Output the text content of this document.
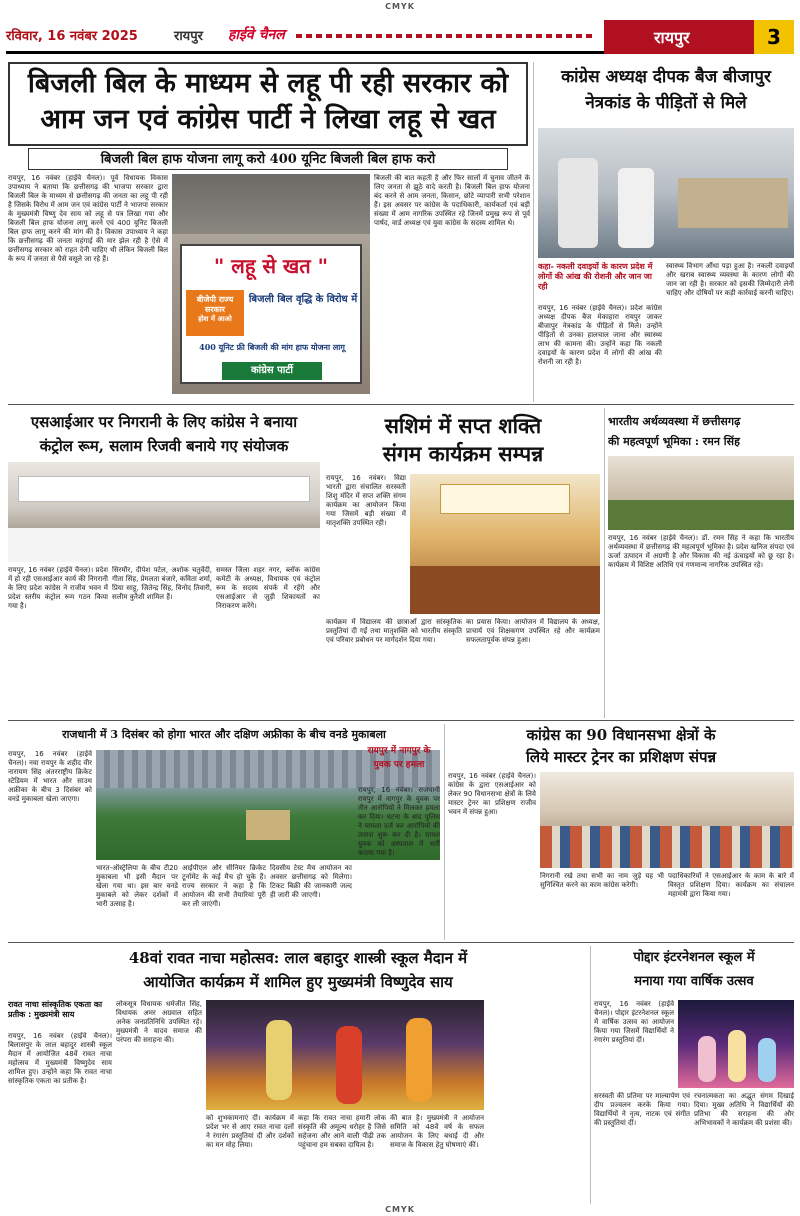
CMYK
CMYK
रविवार, 16 नवंबर 2025	रायपुर हाईवे चैनल	रायपुर	3
बिजली बिल के माध्यम से लहू पी रही सरकार को
आम जन एवं कांग्रेस पार्टी ने लिखा लहू से खत
बिजली बिल हाफ योजना लागू करो 400 यूनिट बिजली बिल हाफ करो
रायपुर, 16 नवंबर (हाईवे चैनल)। पूर्व विधायक विकास उपाध्याय ने बताया कि छत्तीसगढ़ की भाजपा सरकार द्वारा बिजली बिल के माध्यम से छत्तीसगढ़ की जनता का लहू पी रही है जिसके विरोध में आम जन एवं कांग्रेस पार्टी ने भाजपा सरकार के मुख्यमंत्री विष्णु देव साय को लहू से पत्र लिखा गया और बिजली बिल हाफ योजना लागू करने एवं 400 यूनिट बिजली बिल हाफ लागू करने की मांग की है। विकास उपाध्याय ने कहा कि छत्तीसगढ़ की जनता महंगाई की मार झेल रही है ऐसे में छत्तीसगढ़ सरकार को राहत देनी चाहिए थी लेकिन बिजली बिल के रूप में जनता से पैसे वसूले जा रहे हैं।	" लहू से खत "
बीजेपी राज्य सरकार
होश में आओ
बिजली बिल वृद्धि के विरोध में
400 यूनिट फ्री बिजली की मांग हाफ योजना लागू
कांग्रेस पार्टी
बिजली की बात कहती है और फिर सालों में चुनाव जीतने के लिए जनता से झूठे वादे करती है। बिजली बिल हाफ योजना बंद करने से आम जनता, किसान, छोटे व्यापारी सभी परेशान हैं। इस अवसर पर कांग्रेस के पदाधिकारी, कार्यकर्ता एवं बड़ी संख्या में आम नागरिक उपस्थित रहे जिनमें प्रमुख रूप से पूर्व पार्षद, वार्ड अध्यक्ष एवं युवा कांग्रेस के सदस्य शामिल थे।
कांग्रेस अध्यक्ष दीपक बैज बीजापुर
नेत्रकांड के पीड़ितों से मिले
कहा- नकली दवाइयों के कारण प्रदेश में लोगों की आंख की रोशनी और जान जा रही
रायपुर, 16 नवंबर (हाईवे चैनल)। प्रदेश कांग्रेस अध्यक्ष दीपक बैज मेकाहारा रायपुर जाकर बीजापुर नेत्रकांड के पीड़ितों से मिले। उन्होंने पीड़ितों से उनका हालचाल जाना और स्वास्थ्य लाभ की कामना की। उन्होंने कहा कि नकली दवाइयों के कारण प्रदेश में लोगों की आंख की रोशनी जा रही है।
स्वास्थ्य विभाग औंधा पड़ा हुआ है। नकली दवाइयों और खराब स्वास्थ्य व्यवस्था के कारण लोगों की जान जा रही है। सरकार को इसकी जिम्मेदारी लेनी चाहिए और दोषियों पर कड़ी कार्रवाई करनी चाहिए।
एसआईआर पर निगरानी के लिए कांग्रेस ने बनाया
कंट्रोल रूम, सलाम रिजवी बनाये गए संयोजक
रायपुर, 16 नवंबर (हाईवे चैनल)। प्रदेश में हो रही एसआईआर कार्य की निगरानी के लिए प्रदेश कांग्रेस ने राजीव भवन में प्रदेश स्तरीय कंट्रोल रूम गठन किया गया है।
सिरमौर, दीपेश पटेल, अशोक चतुर्वेदी, गीता सिंह, प्रेमलता बंजारे, कविता शर्मा, प्रिया साहू, जितेन्द्र सिंह, विनोद तिवारी, सलीम कुरैशी शामिल हैं।
समस्त जिला शहर नगर, ब्लॉक कांग्रेस कमेटी के अध्यक्ष, विधायक एवं कंट्रोल रूम के सदस्य संपर्क में रहेंगे और एसआईआर से जुड़ी शिकायतों का निराकरण करेंगे।
सशिमं में सप्त शक्ति
संगम कार्यक्रम सम्पन्न
रायपुर, 16 नवंबर। विद्या भारती द्वारा संचालित सरस्वती शिशु मंदिर में सप्त शक्ति संगम कार्यक्रम का आयोजन किया गया जिसमें बड़ी संख्या में मातृशक्ति उपस्थित रही।
कार्यक्रम में विद्यालय की छात्राओं द्वारा सांस्कृतिक प्रस्तुतियां दी गईं तथा मातृशक्ति को भारतीय संस्कृति एवं परिवार प्रबोधन पर मार्गदर्शन दिया गया।
का प्रयास किया। आयोजन में विद्यालय के अध्यक्ष, प्राचार्य एवं शिक्षकगण उपस्थित रहे और कार्यक्रम सफलतापूर्वक संपन्न हुआ।
भारतीय अर्थव्यवस्था में छत्तीसगढ़
की महत्वपूर्ण भूमिका : रमन सिंह
रायपुर, 16 नवंबर (हाईवे चैनल)। डॉ. रमन सिंह ने कहा कि भारतीय अर्थव्यवस्था में छत्तीसगढ़ की महत्वपूर्ण भूमिका है। प्रदेश खनिज संपदा एवं ऊर्जा उत्पादन में अग्रणी है और विकास की नई ऊंचाइयों को छू रहा है। कार्यक्रम में विशिष्ट अतिथि एवं गणमान्य नागरिक उपस्थित रहे।
राजधानी में 3 दिसंबर को होगा भारत और दक्षिण अफ्रीका के बीच वनडे मुकाबला
रायपुर, 16 नवंबर (हाईवे चैनल)। नवा रायपुर के शहीद वीर नारायण सिंह अंतरराष्ट्रीय क्रिकेट स्टेडियम में भारत और साउथ अफ्रीका के बीच 3 दिसंबर को वनडे मुकाबला खेला जाएगा।
भारत-ऑस्ट्रेलिया के बीच टी20 मुकाबला भी इसी मैदान पर खेला गया था। इस बार वनडे मुकाबले को लेकर दर्शकों में भारी उत्साह है।
आईपीएल और सीनियर क्रिकेट टूर्नामेंट के कई मैच हो चुके हैं। राज्य सरकार ने कहा है कि आयोजन की सभी तैयारियां पूरी कर ली जाएंगी।
दिवसीय टेस्ट मैच आयोजन का अवसर छत्तीसगढ़ को मिलेगा। टिकट बिक्री की जानकारी जल्द ही जारी की जाएगी।
रायपुर में नागपुर के
युवक पर हमला
रायपुर, 16 नवंबर। राजधानी रायपुर में नागपुर के युवक पर तीन आरोपियों ने मिलकर हमला कर दिया। घटना के बाद पुलिस ने मामला दर्ज कर आरोपियों की तलाश शुरू कर दी है। घायल युवक को अस्पताल में भर्ती कराया गया है।
कांग्रेस का 90 विधानसभा क्षेत्रों के
लिये मास्टर ट्रेनर का प्रशिक्षण संपन्न
रायपुर, 16 नवंबर (हाईवे चैनल)। कांग्रेस के द्वारा एसआईआर को लेकर 90 विधानसभा क्षेत्रों के लिये मास्टर ट्रेनर का प्रशिक्षण राजीव भवन में संपन्न हुआ।
निगरानी रखे तथा सभी का नाम जुड़े यह भी सुनिश्चित करने का काम कांग्रेस करेगी।
पदाधिकारियों ने एसआईआर के काम के बारे में विस्तृत प्रशिक्षण दिया। कार्यक्रम का संचालन महामंत्री द्वारा किया गया।
48वां रावत नाचा महोत्सव: लाल बहादुर शास्त्री स्कूल मैदान में
आयोजित कार्यक्रम में शामिल हुए मुख्यमंत्री विष्णुदेव साय
रावत नाचा सांस्कृतिक एकता का प्रतीक : मुख्यमंत्री साय
रायपुर, 16 नवंबर (हाईवे चैनल)। बिलासपुर के लाल बहादुर शास्त्री स्कूल मैदान में आयोजित 48वें रावत नाचा महोत्सव में मुख्यमंत्री विष्णुदेव साय शामिल हुए। उन्होंने कहा कि रावत नाचा सांस्कृतिक एकता का प्रतीक है।
लोकसूत्र विधायक धर्मजीत सिंह, विधायक अमर अग्रवाल सहित अनेक जनप्रतिनिधि उपस्थित रहे। मुख्यमंत्री ने यादव समाज की परंपरा की सराहना की।
को शुभकामनाएं दीं। कार्यक्रम में प्रदेश भर से आए रावत नाचा दलों ने रंगारंग प्रस्तुतियां दीं और दर्शकों का मन मोह लिया।
कहा कि रावत नाचा हमारी लोक संस्कृति की अमूल्य धरोहर है जिसे सहेजना और आने वाली पीढ़ी तक पहुंचाना हम सबका दायित्व है।
की बात है। मुख्यमंत्री ने आयोजन समिति को 48वें वर्ष के सफल आयोजन के लिए बधाई दी और समाज के विकास हेतु घोषणाएं कीं।
पोद्दार इंटरनेशनल स्कूल में
मनाया गया वार्षिक उत्सव
रायपुर, 16 नवंबर (हाईवे चैनल)। पोद्दार इंटरनेशनल स्कूल में वार्षिक उत्सव का आयोजन किया गया जिसमें विद्यार्थियों ने रंगारंग प्रस्तुतियां दीं।
सरस्वती की प्रतिमा पर माल्यार्पण एवं दीप प्रज्वलन करके किया गया। विद्यार्थियों ने नृत्य, नाटक एवं संगीत की प्रस्तुतियां दीं।
रचनात्मकता का अद्भुत संगम दिखाई दिया। मुख्य अतिथि ने विद्यार्थियों की प्रतिभा की सराहना की और अभिभावकों ने कार्यक्रम की प्रशंसा की।
